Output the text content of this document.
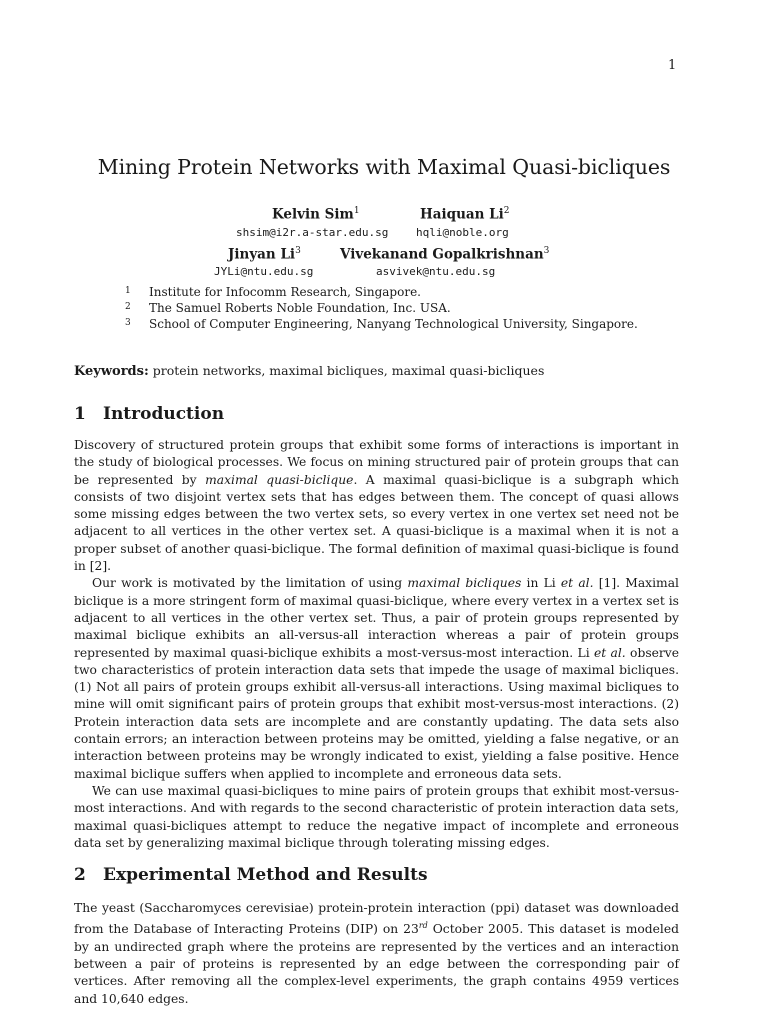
1
Mining Protein Networks with Maximal Quasi-bicliques
Kelvin Sim$^1$	Haiquan Li$^2$
shsim@i2r.a-star.edu.sg	hqli@noble.org
Jinyan Li$^3$	Vivekanand Gopalkrishnan$^3$
JYLi@ntu.edu.sg	asvivek@ntu.edu.sg
1 Institute for Infocomm Research, Singapore.
2 The Samuel Roberts Noble Foundation, Inc. USA.
3 School of Computer Engineering, Nanyang Technological University, Singapore.
Keywords: protein networks, maximal bicliques, maximal quasi-bicliques
1 Introduction

Discovery of structured protein groups that exhibit some forms of interactions is important in the study of biological processes. We focus on mining structured pair of protein groups that can be represented by maximal quasi-biclique. A maximal quasi-biclique is a subgraph which consists of two disjoint vertex sets that has edges between them. The concept of quasi allows some missing edges between the two vertex sets, so every vertex in one vertex set need not be adjacent to all vertices in the other vertex set. A quasi-biclique is a maximal when it is not a proper subset of another quasi-biclique. The formal definition of maximal quasi-biclique is found in [2].

Our work is motivated by the limitation of using maximal bicliques in Li et al. [1]. Maximal biclique is a more stringent form of maximal quasi-biclique, where every vertex in a vertex set is adjacent to all vertices in the other vertex set. Thus, a pair of protein groups represented by maximal biclique exhibits an all-versus-all interaction whereas a pair of protein groups represented by maximal quasi-biclique exhibits a most-versus-most interaction. Li et al. observe two characteristics of protein interaction data sets that impede the usage of maximal bicliques. (1) Not all pairs of protein groups exhibit all-versus-all interactions. Using maximal bicliques to mine will omit significant pairs of protein groups that exhibit most-versus-most interactions. (2) Protein interaction data sets are incomplete and are constantly updating. The data sets also contain errors; an interaction between proteins may be omitted, yielding a false negative, or an interaction between proteins may be wrongly indicated to exist, yielding a false positive. Hence maximal biclique suffers when applied to incomplete and erroneous data sets.

We can use maximal quasi-bicliques to mine pairs of protein groups that exhibit most-versus-most interactions. And with regards to the second characteristic of protein interaction data sets, maximal quasi-bicliques attempt to reduce the negative impact of incomplete and erroneous data set by generalizing maximal biclique through tolerating missing edges.

2 Experimental Method and Results

The yeast (Saccharomyces cerevisiae) protein-protein interaction (ppi) dataset was downloaded from the Database of Interacting Proteins (DIP) on 23rd October 2005. This dataset is modeled by an undirected graph where the proteins are represented by the vertices and an interaction between a pair of proteins is represented by an edge between the corresponding pair of vertices. After removing all the complex-level experiments, the graph contains 4959 vertices and 10,640 edges.
